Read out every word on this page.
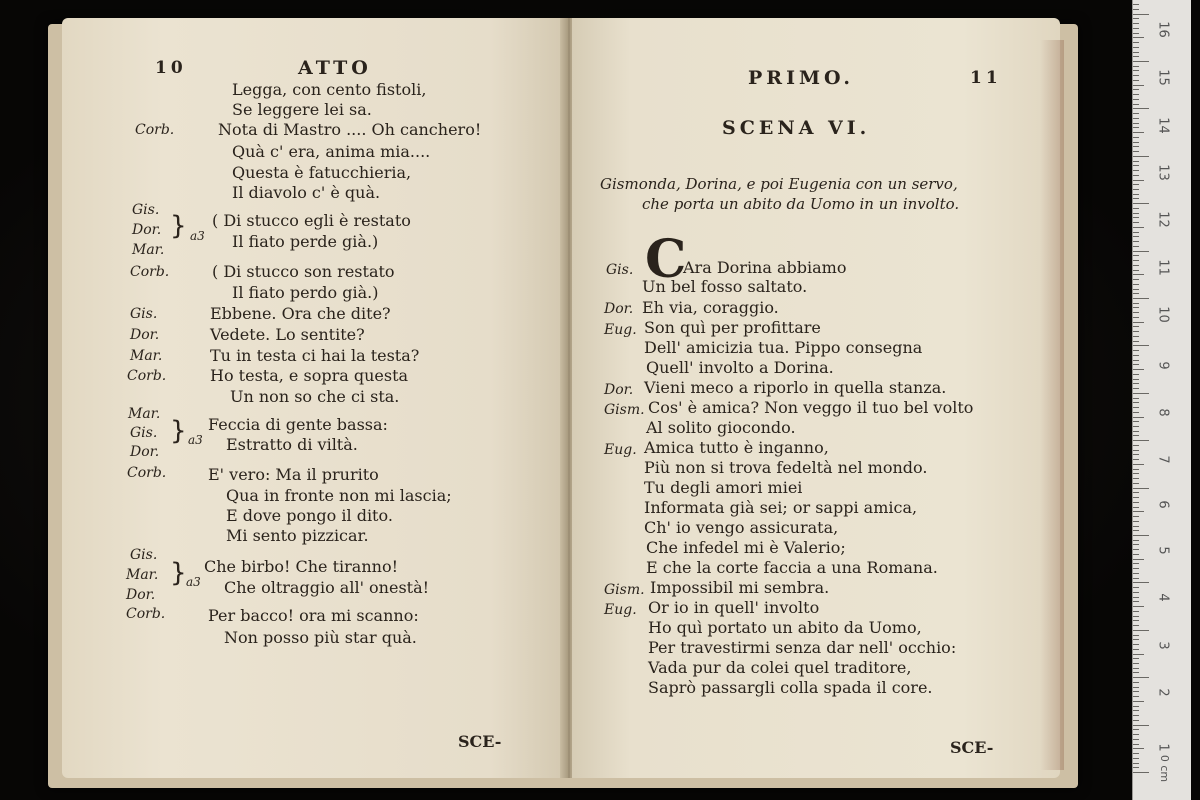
10	ATTO
Legga, con cento fistoli,
Se leggere lei sa.
Corb.	Nota di Mastro .... Oh canchero!
Quà c' era, anima mia....
Questa è fatucchieria,
Il diavolo c' è quà.
Gis.
Dor.
Mar.
} a3
( Di stucco egli è restato
Il fiato perde già.)
Corb.	( Di stucco son restato
Il fiato perdo già.)
Gis.	Ebbene. Ora che dite?
Dor.	Vedete. Lo sentite?
Mar.	Tu in testa ci hai la testa?
Corb.	Ho testa, e sopra questa
Un non so che ci sta.
Mar.
Gis.
Dor.
} a3
Feccia di gente bassa:
Estratto di viltà.
Corb.	E' vero: Ma il prurito
Qua in fronte non mi lascia;
E dove pongo il dito.
Mi sento pizzicar.
Gis.
Mar.
Dor.
} a3
Che birbo! Che tiranno!
Che oltraggio all' onestà!
Corb.	Per bacco! ora mi scanno:
Non posso più star quà.
SCE-
PRIMO.	11
SCENA VI.
Gismonda, Dorina, e poi Eugenia con un servo,
che porta un abito da Uomo in un involto.
C
Gis.	Ara Dorina abbiamo
Un bel fosso saltato.
Dor. Eh via, coraggio.
Eug. Son quì per profittare
Dell' amicizia tua. Pippo consegna
Quell' involto a Dorina.
Dor. Vieni meco a riporlo in quella stanza.
Gism. Cos' è amica? Non veggo il tuo bel volto
Al solito giocondo.
Eug. Amica tutto è inganno,
Più non si trova fedeltà nel mondo.
Tu degli amori miei
Informata già sei; or sappi amica,
Ch' io vengo assicurata,
Che infedel mi è Valerio;
E che la corte faccia a una Romana.
Gism. Impossibil mi sembra.
Eug. Or io in quell' involto
Ho quì portato un abito da Uomo,
Per travestirmi senza dar nell' occhio:
Vada pur da colei quel traditore,
Saprò passargli colla spada il core.
SCE-	1
2
3
4
5
6
7
8
9
10
11
12
13
14
15
16
0 cm
